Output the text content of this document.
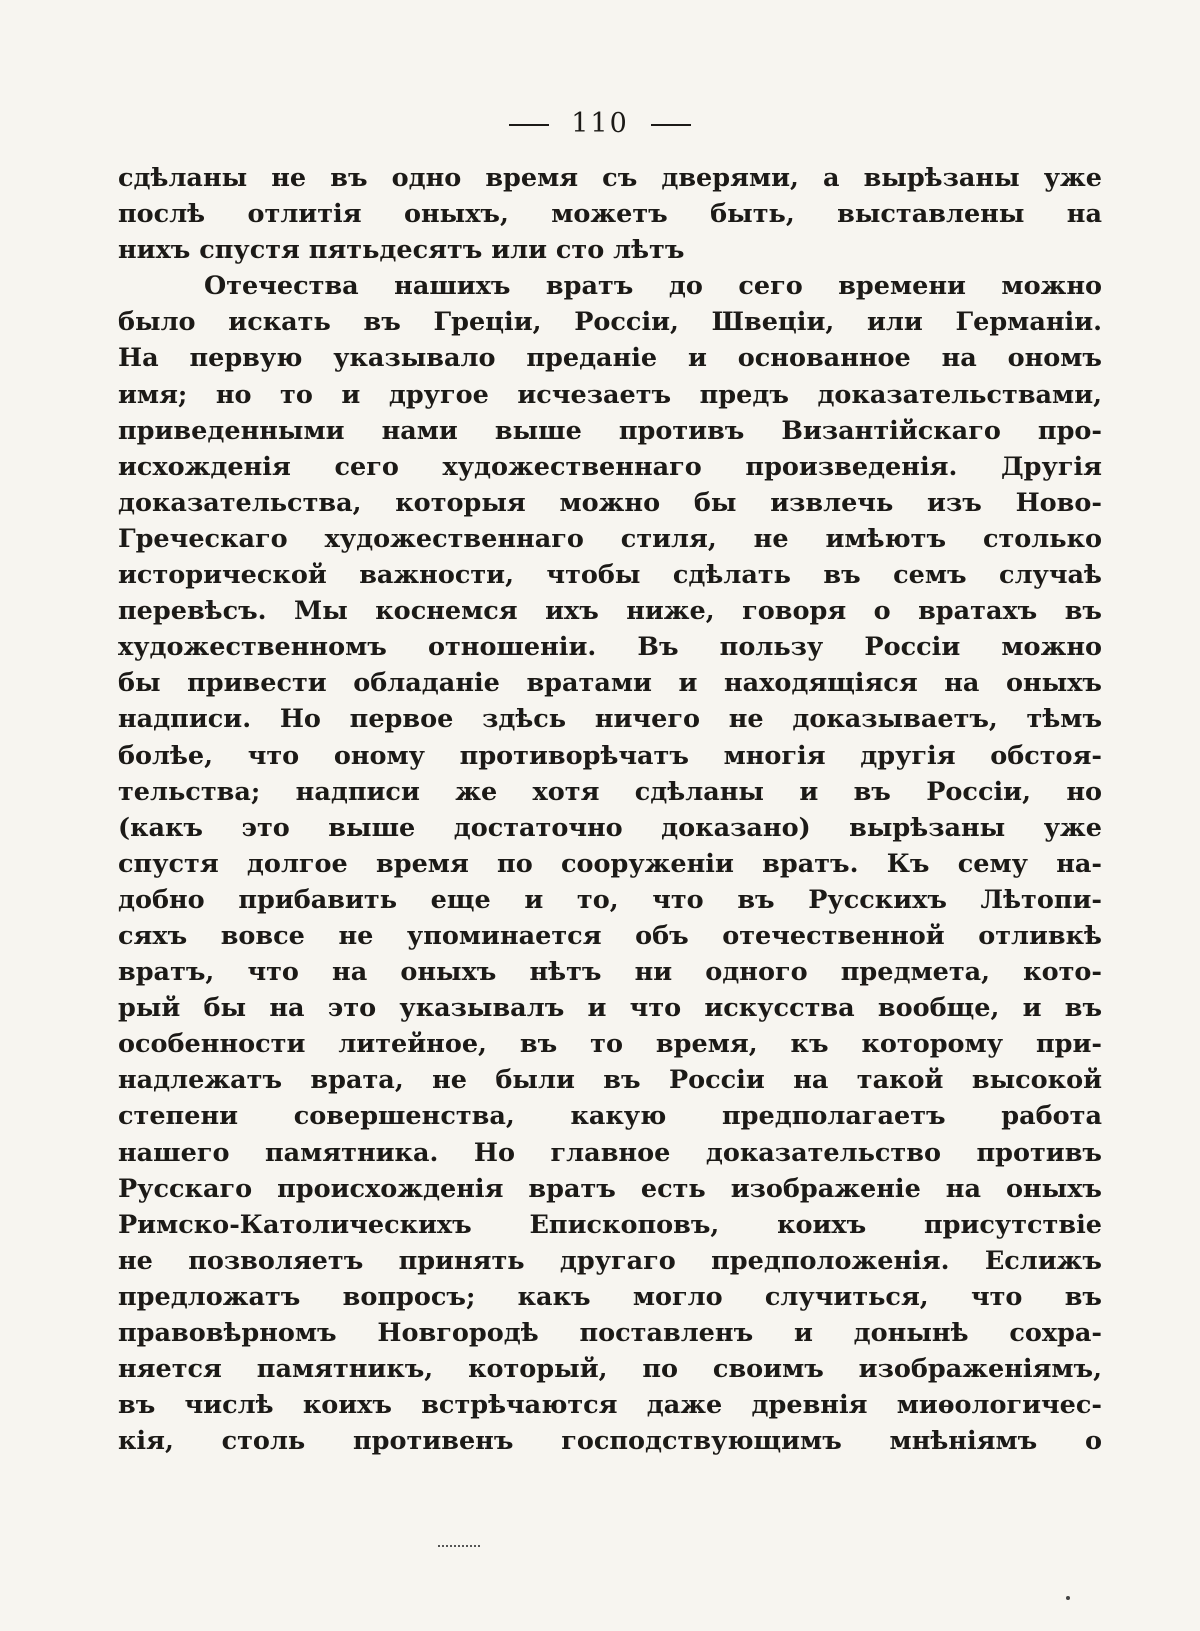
110
сдѣланы не въ одно время съ дверями, а вырѣзаны уже
послѣ отлитія оныхъ, можетъ быть, выставлены на
нихъ спустя пятьдесятъ или сто лѣтъ
Отечества нашихъ вратъ до сего времени можно
было искать въ Греціи, Россіи, Швеціи, или Германіи.
На первую указывало преданіе и основанное на ономъ
имя; но то и другое исчезаетъ предъ доказательствами,
приведенными нами выше противъ Византійскаго про-
исхожденія сего художественнаго произведенія. Другія
доказательства, которыя можно бы извлечь изъ Ново-
Греческаго художественнаго стиля, не имѣютъ столько
исторической важности, чтобы сдѣлать въ семъ случаѣ
перевѣсъ. Мы коснемся ихъ ниже, говоря о вратахъ въ
художественномъ отношеніи. Въ пользу Россіи можно
бы привести обладаніе вратами и находящіяся на оныхъ
надписи. Но первое здѣсь ничего не доказываетъ, тѣмъ
болѣе, что оному противорѣчатъ многія другія обстоя-
тельства; надписи же хотя сдѣланы и въ Россіи, но
(какъ это выше достаточно доказано) вырѣзаны уже
спустя долгое время по сооруженіи вратъ. Къ сему на-
добно прибавить еще и то, что въ Русскихъ Лѣтопи-
сяхъ вовсе не упоминается объ отечественной отливкѣ
вратъ, что на оныхъ нѣтъ ни одного предмета, кото-
рый бы на это указывалъ и что искусства вообще, и въ
особенности литейное, въ то время, къ которому при-
надлежатъ врата, не были въ Россіи на такой высокой
степени совершенства, какую предполагаетъ работа
нашего памятника. Но главное доказательство противъ
Русскаго происхожденія вратъ есть изображеніе на оныхъ
Римско-Католическихъ Епископовъ, коихъ присутствіе
не позволяетъ принять другаго предположенія. Еслижъ
предложатъ вопросъ; какъ могло случиться, что въ
правовѣрномъ Новгородѣ поставленъ и донынѣ сохра-
няется памятникъ, который, по своимъ изображеніямъ,
въ числѣ коихъ встрѣчаются даже древнія миѳологичес-
кія, столь противенъ господствующимъ мнѣніямъ о
